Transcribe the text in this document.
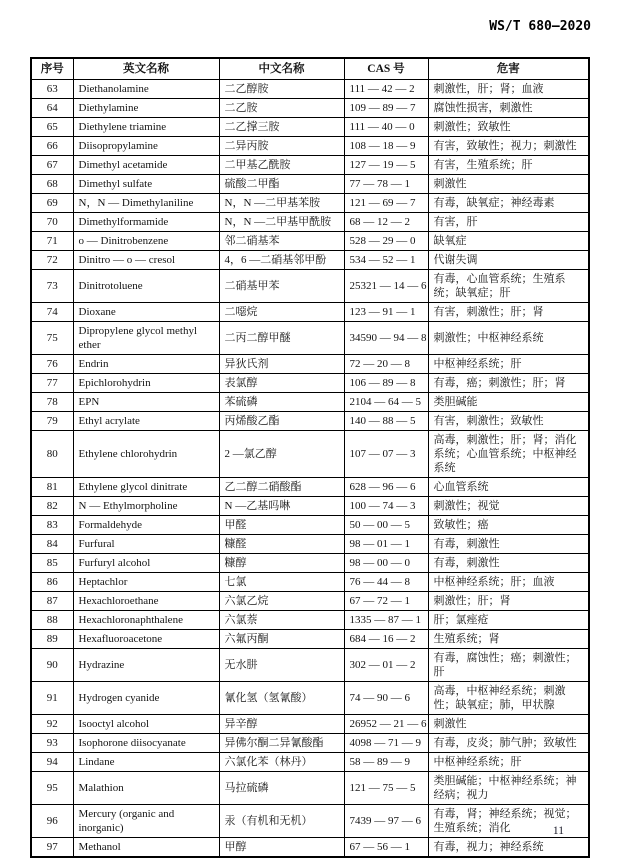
WS/T 680—2020
序号	英文名称	中文名称	CAS 号	危害
63	Diethanolamine	二乙醇胺	111 — 42 — 2	刺激性，肝；肾；血液
64	Diethylamine	二乙胺	109 — 89 — 7	腐蚀性损害，刺激性
65	Diethylene triamine	二乙撑三胺	111 — 40 — 0	刺激性；致敏性
66	Diisopropylamine	二异丙胺	108 — 18 — 9	有害，致敏性；视力；刺激性
67	Dimethyl acetamide	二甲基乙酰胺	127 — 19 — 5	有害，生殖系统；肝
68	Dimethyl sulfate	硫酸二甲酯	77 — 78 — 1	刺激性
69	N，N — Dimethylaniline	N，N —二甲基苯胺	121 — 69 — 7	有毒，缺氧症；神经毒素
70	Dimethylformamide	N，N —二甲基甲酰胺	68 — 12 — 2	有害，肝
71	o — Dinitrobenzene	邻二硝基苯	528 — 29 — 0	缺氧症
72	Dinitro — o — cresol	4，6 —二硝基邻甲酚	534 — 52 — 1	代谢失调
73	Dinitrotoluene	二硝基甲苯	25321 — 14 — 6	有毒，心血管系统；生殖系统；缺氧症；肝
74	Dioxane	二噁烷	123 — 91 — 1	有害，刺激性；肝；肾
75	Dipropylene glycol methyl ether	二丙二醇甲醚	34590 — 94 — 8	刺激性；中枢神经系统
76	Endrin	异狄氏剂	72 — 20 — 8	中枢神经系统；肝
77	Epichlorohydrin	表氯醇	106 — 89 — 8	有毒，癌；刺激性；肝；肾
78	EPN	苯硫磷	2104 — 64 — 5	类胆碱能
79	Ethyl acrylate	丙烯酸乙酯	140 — 88 — 5	有害，刺激性；致敏性
80	Ethylene chlorohydrin	2 —氯乙醇	107 — 07 — 3	高毒，刺激性；肝；肾；消化系统；心血管系统；中枢神经系统
81	Ethylene glycol dinitrate	乙二醇二硝酸酯	628 — 96 — 6	心血管系统
82	N — Ethylmorpholine	N —乙基吗啉	100 — 74 — 3	刺激性；视觉
83	Formaldehyde	甲醛	50 — 00 — 5	致敏性；癌
84	Furfural	糠醛	98 — 01 — 1	有毒，刺激性
85	Furfuryl alcohol	糠醇	98 — 00 — 0	有毒，刺激性
86	Heptachlor	七氯	76 — 44 — 8	中枢神经系统；肝；血液
87	Hexachloroethane	六氯乙烷	67 — 72 — 1	刺激性；肝；肾
88	Hexachloronaphthalene	六氯萘	1335 — 87 — 1	肝；氯痤疮
89	Hexafluoroacetone	六氟丙酮	684 — 16 — 2	生殖系统；肾
90	Hydrazine	无水肼	302 — 01 — 2	有毒，腐蚀性；癌；刺激性；肝
91	Hydrogen cyanide	氰化氢（氢氰酸）	74 — 90 — 6	高毒，中枢神经系统；刺激性；缺氧症；肺，甲状腺
92	Isooctyl alcohol	异辛醇	26952 — 21 — 6	刺激性
93	Isophorone diisocyanate	异佛尔酮二异氰酸酯	4098 — 71 — 9	有毒，皮炎；肺气肿；致敏性
94	Lindane	六氯化苯（林丹）	58 — 89 — 9	中枢神经系统；肝
95	Malathion	马拉硫磷	121 — 75 — 5	类胆碱能；中枢神经系统；神经病；视力
96	Mercury (organic and inorganic)	汞（有机和无机）	7439 — 97 — 6	有毒，肾；神经系统；视觉；生殖系统；消化
97	Methanol	甲醇	67 — 56 — 1	有毒，视力；神经系统
11
